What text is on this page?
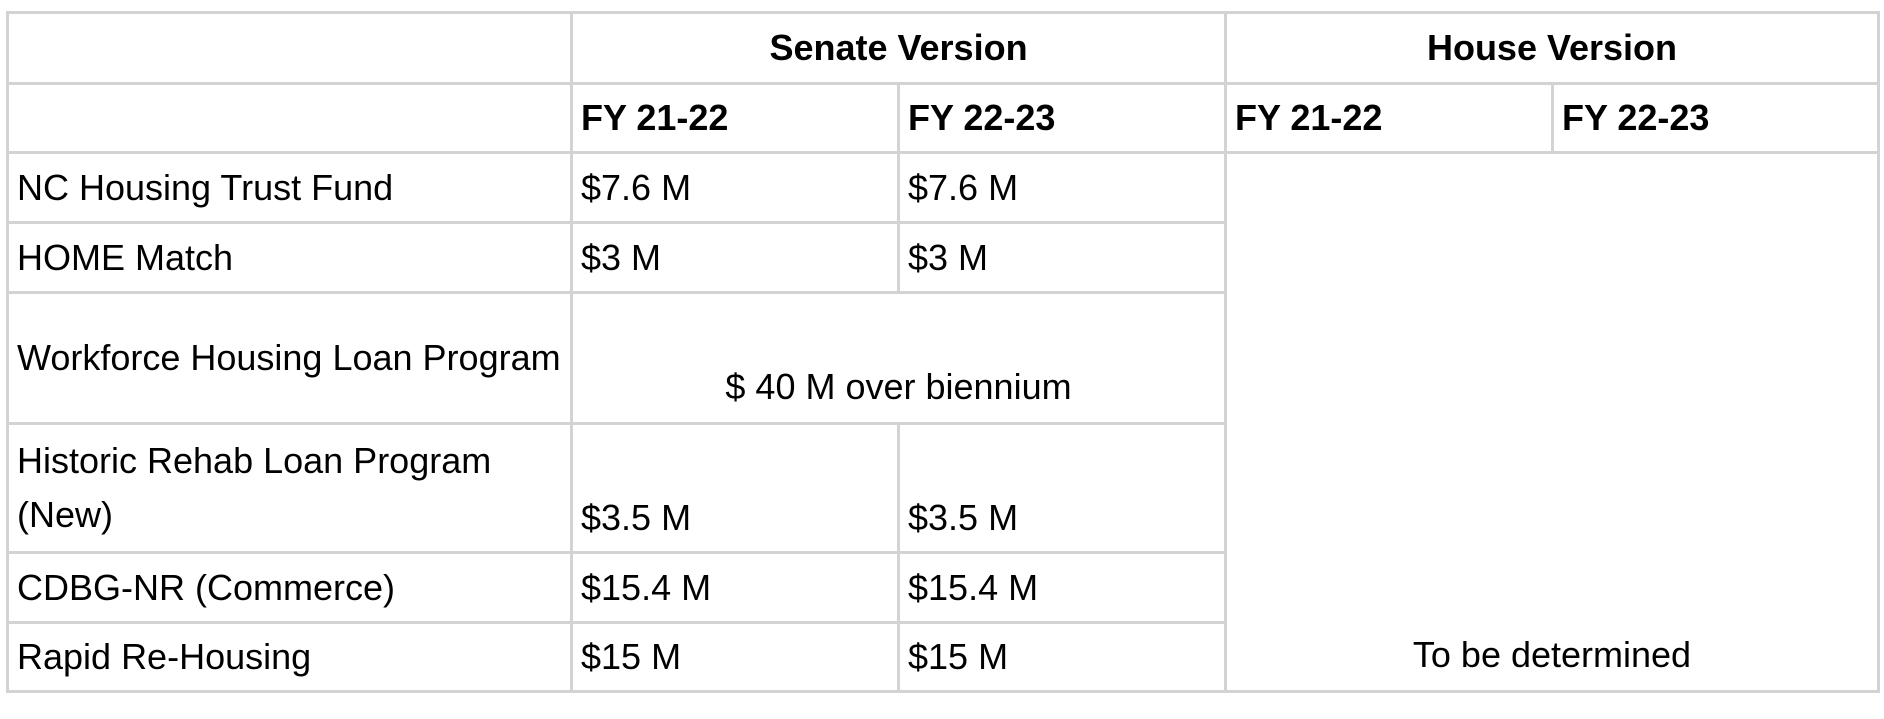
	Senate Version		House Version	
	FY 21-22	FY 22-23	FY 21-22	FY 22-23
NC Housing Trust Fund	$7.6 M	$7.6 M	To be determined	
HOME Match	$3 M	$3 M		
Workforce Housing Loan Program	$ 40 M over biennium			
Historic Rehab Loan Program (New)	$3.5 M	$3.5 M		
CDBG-NR (Commerce)	$15.4 M	$15.4 M		
Rapid Re-Housing	$15 M	$15 M		
